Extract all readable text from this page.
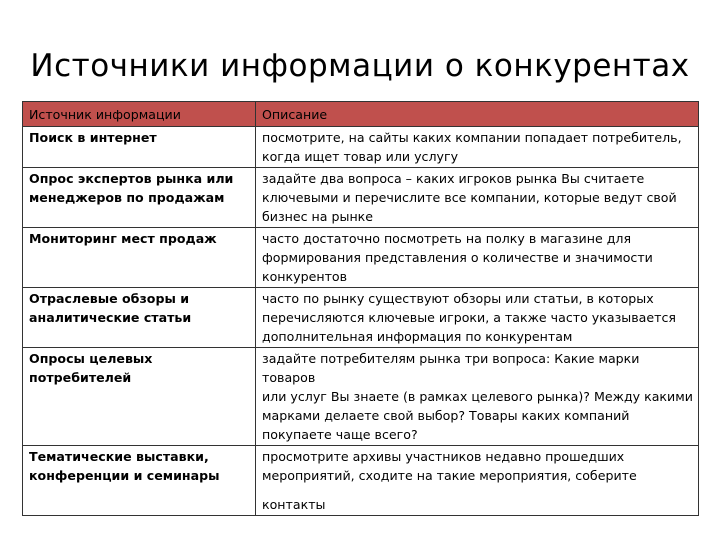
Источники информации о конкурентах
Источник информации	Описание

Поиск в интернет	посмотрите, на сайты каких компании попадает потребитель,
когда ищет товар или услугу

Опрос экспертов рынка или
менеджеров по продажам	задайте два вопроса – каких игроков рынка Вы считаете
ключевыми и перечислите все компании, которые ведут свой
бизнес на рынке

Мониторинг мест продаж	часто достаточно посмотреть на полку в магазине для
формирования представления о количестве и значимости
конкурентов

Отраслевые обзоры и
аналитические статьи	часто по рынку существуют обзоры или статьи, в которых
перечисляются ключевые игроки, а также часто указывается
дополнительная информация по конкурентам

Опросы целевых потребителей	задайте потребителям рынка три вопроса: Какие марки товаров
или услуг Вы знаете (в рамках целевого рынка)? Между какими
марками делаете свой выбор? Товары каких компаний
покупаете чаще всего?

Тематические выставки,
конференции и семинары	просмотрите архивы участников недавно прошедших
мероприятий, сходите на такие мероприятия, соберите
контакты
